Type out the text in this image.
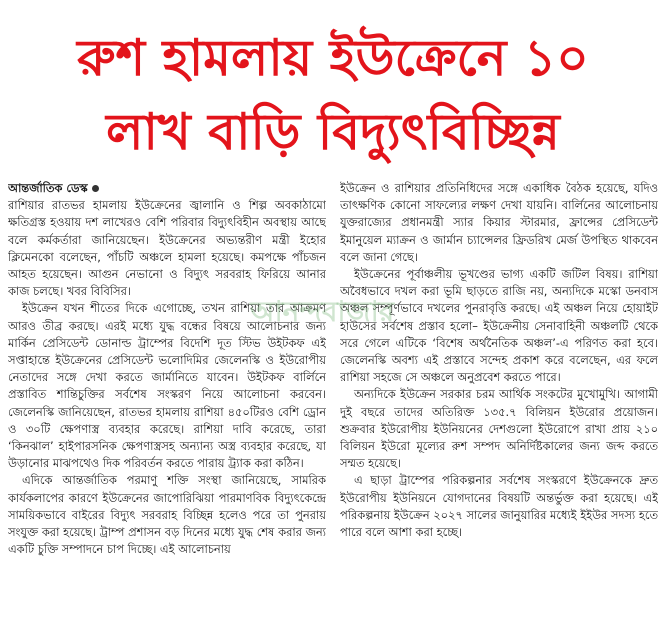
রুশ হামলায় ইউক্রেনে ১০
লাখ বাড়ি বিদ্যুৎবিচ্ছিন্ন

আন্তর্জাতিক ডেস্ক

রাশিয়ার রাতভর হামলায় ইউক্রেনের জ্বালানি ও শিল্প অবকাঠামো ক্ষতিগ্রস্ত হওয়ায় দশ লাখেরও বেশি পরিবার বিদ্যুৎবিহীন অবস্থায় আছে বলে কর্মকর্তারা জানিয়েছেন। ইউক্রেনের অভ্যন্তরীণ মন্ত্রী ইহোর ক্লিমেনকো বলেছেন, পাঁচটি অঞ্চলে হামলা হয়েছে। কমপক্ষে পাঁচজন আহত হয়েছেন। আগুন নেভানো ও বিদ্যুৎ সরবরাহ ফিরিয়ে আনার কাজ চলছে। খবর বিবিসির।

ইউক্রেন যখন শীতের দিকে এগোচ্ছে, তখন রাশিয়া তার আক্রমণ আরও তীব্র করছে। এরই মধ্যে যুদ্ধ বন্ধের বিষয়ে আলোচনার জন্য মার্কিন প্রেসিডেন্ট ডোনাল্ড ট্রাম্পের বিদেশি দূত স্টিভ উইটকফ এই সপ্তাহান্তে ইউক্রেনের প্রেসিডেন্ট ভলোদিমির জেলেনস্কি ও ইউরোপীয় নেতাদের সঙ্গে দেখা করতে জার্মানিতে যাবেন। উইটকফ বার্লিনে প্রস্তাবিত শান্তিচুক্তির সর্বশেষ সংস্করণ নিয়ে আলোচনা করবেন। জেলেনস্কি জানিয়েছেন, রাতভর হামলায় রাশিয়া ৪৫০টিরও বেশি ড্রোন ও ৩০টি ক্ষেপণাস্ত্র ব্যবহার করেছে। রাশিয়া দাবি করেছে, তারা ‘কিনঝাল’ হাইপারসনিক ক্ষেপণাস্ত্রসহ অন্যান্য অস্ত্র ব্যবহার করেছে, যা উড়ানোর মাঝপথেও দিক পরিবর্তন করতে পারায় ট্র্যাক করা কঠিন।

এদিকে আন্তর্জাতিক পরমাণু শক্তি সংস্থা জানিয়েছে, সামরিক কার্যকলাপের কারণে ইউক্রেনের জাপোরিঝিয়া পারমাণবিক বিদ্যুৎকেন্দ্রে সাময়িকভাবে বাইরের বিদ্যুৎ সরবরাহ বিচ্ছিন্ন হলেও পরে তা পুনরায় সংযুক্ত করা হয়েছে। ট্রাম্প প্রশাসন বড় দিনের মধ্যে যুদ্ধ শেষ করার জন্য একটি চুক্তি সম্পাদনে চাপ দিচ্ছে। এই আলোচনায়

ইউক্রেন ও রাশিয়ার প্রতিনিধিদের সঙ্গে একাধিক বৈঠক হয়েছে, যদিও তাৎক্ষণিক কোনো সাফল্যের লক্ষণ দেখা যায়নি। বার্লিনের আলোচনায় যুক্তরাজ্যের প্রধানমন্ত্রী স্যার কিয়ার স্টারমার, ফ্রান্সের প্রেসিডেন্ট ইমানুয়েল ম্যাক্রন ও জার্মান চ্যান্সেলর ফ্রিডরিখ মের্জ উপস্থিত থাকবেন বলে জানা গেছে।

ইউক্রেনের পূর্বাঞ্চলীয় ভূখণ্ডের ভাগ্য একটি জটিল বিষয়। রাশিয়া অবৈধভাবে দখল করা ভূমি ছাড়তে রাজি নয়, অন্যদিকে মস্কো ডনবাস অঞ্চল সম্পূর্ণভাবে দখলের পুনরাবৃত্তি করছে। এই অঞ্চল নিয়ে হোয়াইট হাউসের সর্বশেষ প্রস্তাব হলো– ইউক্রেনীয় সেনাবাহিনী অঞ্চলটি থেকে সরে গেলে এটিকে ‘বিশেষ অর্থনৈতিক অঞ্চল’-এ পরিণত করা হবে। জেলেনস্কি অবশ্য এই প্রস্তাবে সন্দেহ প্রকাশ করে বলেছেন, এর ফলে রাশিয়া সহজে সে অঞ্চলে অনুপ্রবেশ করতে পারে।

অন্যদিকে ইউক্রেন সরকার চরম আর্থিক সংকটের মুখোমুখি। আগামী দুই বছরে তাদের অতিরিক্ত ১৩৫.৭ বিলিয়ন ইউরোর প্রয়োজন। শুক্রবার ইউরোপীয় ইউনিয়নের দেশগুলো ইউরোপে রাখা প্রায় ২১০ বিলিয়ন ইউরো মূল্যের রুশ সম্পদ অনির্দিষ্টকালের জন্য জব্দ করতে সম্মত হয়েছে।

এ ছাড়া ট্রাম্পের পরিকল্পনার সর্বশেষ সংস্করণে ইউক্রেনকে দ্রুত ইউরোপীয় ইউনিয়নে যোগদানের বিষয়টি অন্তর্ভুক্ত করা হয়েছে। এই পরিকল্পনায় ইউক্রেন ২০২৭ সালের জানুয়ারির মধ্যেই ইইউর সদস্য হতে পারে বলে আশা করা হচ্ছে।

আনন্দবাজার
